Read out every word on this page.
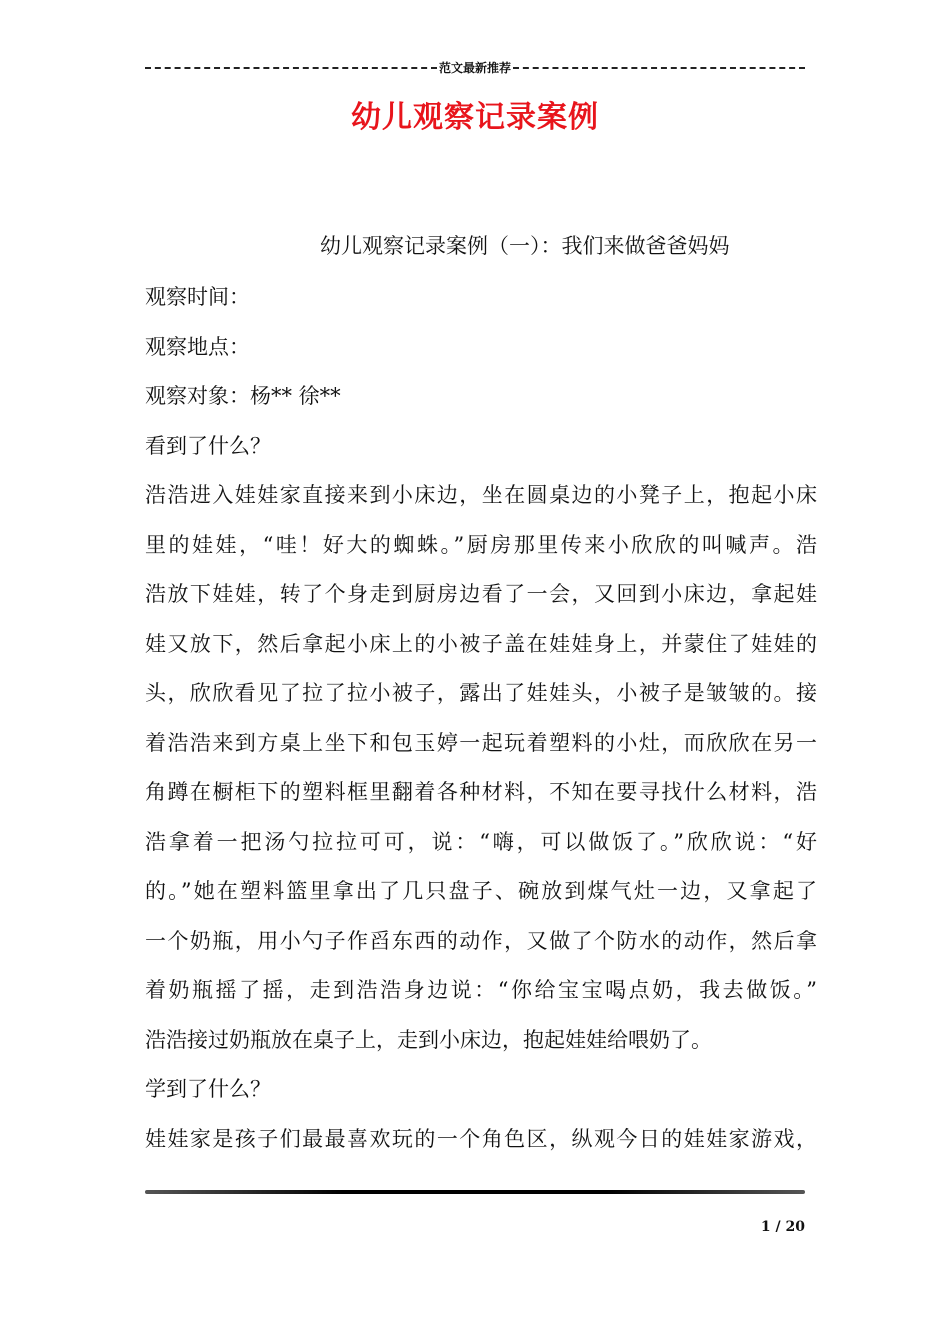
范文最新推荐
幼儿观察记录案例
幼儿观察记录案例（一）：我们来做爸爸妈妈
观察时间：
观察地点：
观察对象：杨** 徐**
看到了什么？
浩浩进入娃娃家直接来到小床边，坐在圆桌边的小凳子上，抱起小床
里的娃娃，“哇！好大的蜘蛛。”厨房那里传来小欣欣的叫喊声。浩
浩放下娃娃，转了个身走到厨房边看了一会，又回到小床边，拿起娃
娃又放下，然后拿起小床上的小被子盖在娃娃身上，并蒙住了娃娃的
头，欣欣看见了拉了拉小被子，露出了娃娃头，小被子是皱皱的。接
着浩浩来到方桌上坐下和包玉婷一起玩着塑料的小灶，而欣欣在另一
角蹲在橱柜下的塑料框里翻着各种材料，不知在要寻找什么材料，浩
浩拿着一把汤勺拉拉可可，说：“嗨，可以做饭了。”欣欣说：“好
的。”她在塑料篮里拿出了几只盘子、碗放到煤气灶一边，又拿起了
一个奶瓶，用小勺子作舀东西的动作，又做了个防水的动作，然后拿
着奶瓶摇了摇，走到浩浩身边说：“你给宝宝喝点奶，我去做饭。”
浩浩接过奶瓶放在桌子上，走到小床边，抱起娃娃给喂奶了。
学到了什么？
娃娃家是孩子们最最喜欢玩的一个角色区，纵观今日的娃娃家游戏，
1 / 20
